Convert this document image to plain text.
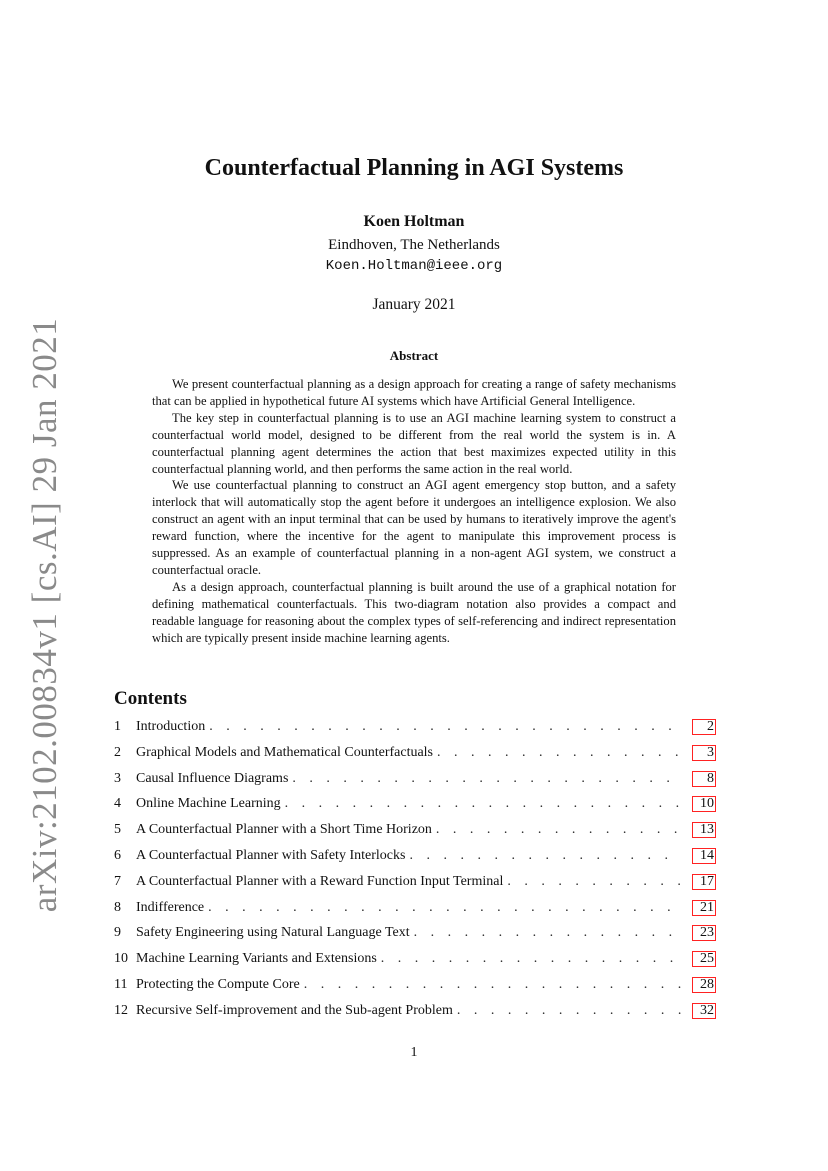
arXiv:2102.00834v1 [cs.AI] 29 Jan 2021
Counterfactual Planning in AGI Systems
Koen Holtman
Eindhoven, The Netherlands
Koen.Holtman@ieee.org
January 2021
Abstract

We present counterfactual planning as a design approach for creating a range of safety mechanisms that can be applied in hypothetical future AI systems which have Artificial General Intelligence.

The key step in counterfactual planning is to use an AGI machine learning system to construct a counterfactual world model, designed to be different from the real world the system is in. A counterfactual planning agent determines the action that best maximizes expected utility in this counterfactual planning world, and then performs the same action in the real world.

We use counterfactual planning to construct an AGI agent emergency stop button, and a safety interlock that will automatically stop the agent before it undergoes an intelligence explosion. We also construct an agent with an input terminal that can be used by humans to iteratively improve the agent's reward function, where the incentive for the agent to manipulate this improvement process is suppressed. As an example of counterfactual planning in a non-agent AGI system, we construct a counterfactual oracle.

As a design approach, counterfactual planning is built around the use of a graphical notation for defining mathematical counterfactuals. This two-diagram notation also provides a compact and readable language for reasoning about the complex types of self-referencing and indirect representation which are typically present inside machine learning agents.

Contents
1	Introduction . . .	2
2	Graphical Models and Mathematical Counterfactuals . . .	3
3	Causal Influence Diagrams . . .	8
4	Online Machine Learning . . .	10
5	A Counterfactual Planner with a Short Time Horizon . . .	13
6	A Counterfactual Planner with Safety Interlocks . . .	14
7	A Counterfactual Planner with a Reward Function Input Terminal . . .	17
8	Indifference . . .	21
9	Safety Engineering using Natural Language Text . . .	23
10 Machine Learning Variants and Extensions . . .	25
11 Protecting the Compute Core . . .	28
12 Recursive Self-improvement and the Sub-agent Problem . . .	32
1
